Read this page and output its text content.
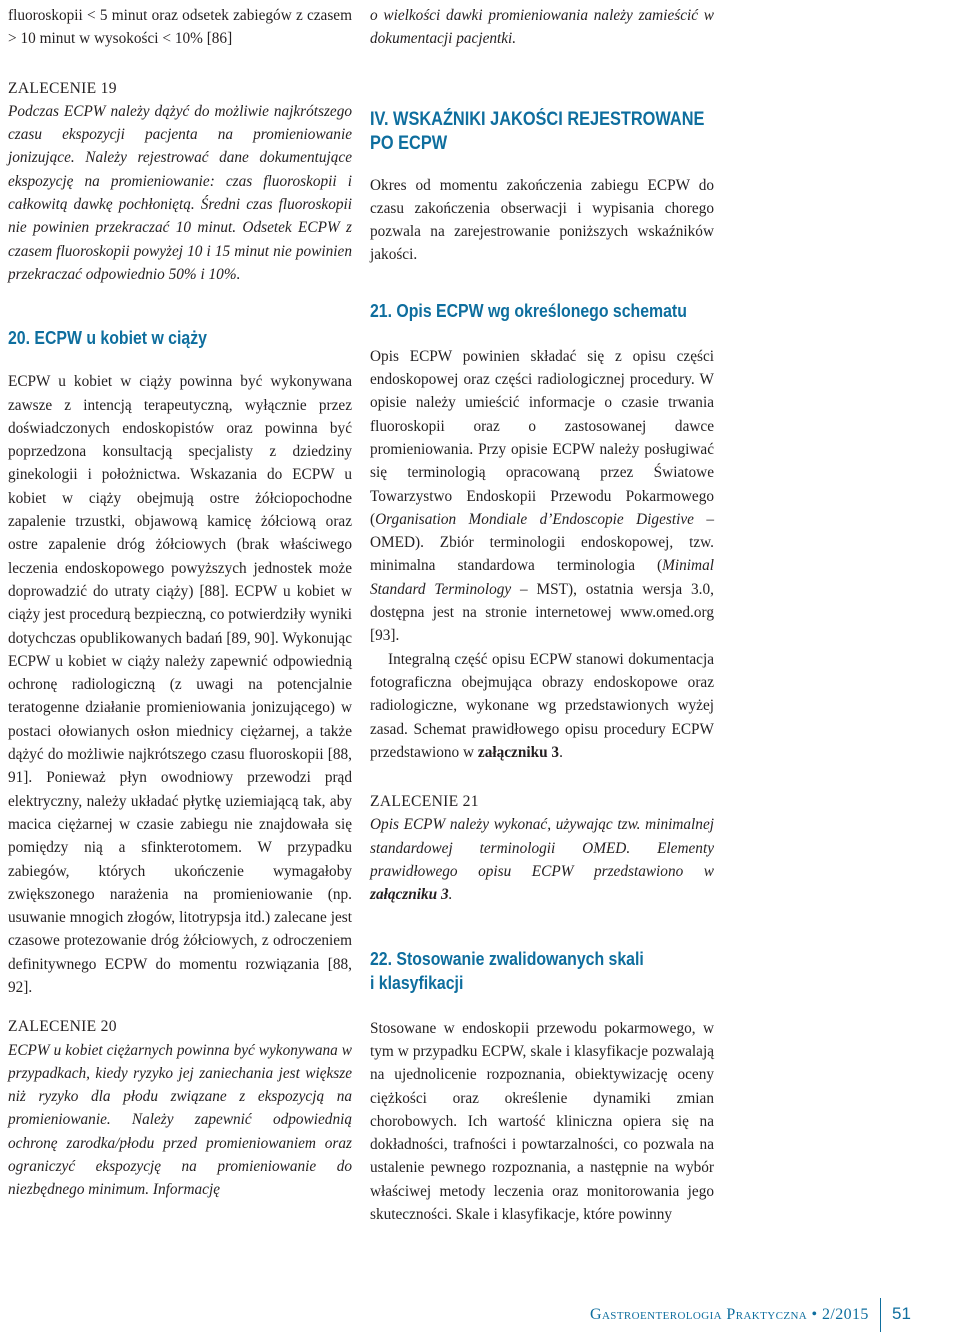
fluoroskopii < 5 minut oraz odsetek zabiegów z czasem > 10 minut w wysokości < 10% [86]

ZALECENIE 19

Podczas ECPW należy dążyć do możliwie najkrótszego czasu ekspozycji pacjenta na promieniowanie jonizujące. Należy rejestrować dane dokumentujące ekspozycję na promieniowanie: czas fluoroskopii i całkowitą dawkę pochłoniętą. Średni czas fluoroskopii nie powinien przekraczać 10 minut. Odsetek ECPW z czasem fluoroskopii powyżej 10 i 15 minut nie powinien przekraczać odpowiednio 50% i 10%.

20. ECPW u kobiet w ciąży

ECPW u kobiet w ciąży powinna być wykonywana zawsze z intencją terapeutyczną, wyłącznie przez doświadczonych endoskopistów oraz powinna być poprzedzona konsultacją specjalisty z dziedziny ginekologii i położnictwa. Wskazania do ECPW u kobiet w ciąży obejmują ostre żółciopochodne zapalenie trzustki, objawową kamicę żółciową oraz ostre zapalenie dróg żółciowych (brak właściwego leczenia endoskopowego powyższych jednostek może doprowadzić do utraty ciąży) [88]. ECPW u kobiet w ciąży jest procedurą bezpieczną, co potwierdziły wyniki dotychczas opublikowanych badań [89, 90]. Wykonując ECPW u kobiet w ciąży należy zapewnić odpowiednią ochronę radiologiczną (z uwagi na potencjalnie teratogenne działanie promieniowania jonizującego) w postaci ołowianych osłon miednicy ciężarnej, a także dążyć do możliwie najkrótszego czasu fluoroskopii [88, 91]. Ponieważ płyn owodniowy przewodzi prąd elektryczny, należy układać płytkę uziemiającą tak, aby macica ciężarnej w czasie zabiegu nie znajdowała się pomiędzy nią a sfinkterotomem. W przypadku zabiegów, których ukończenie wymagałoby zwiększonego narażenia na promieniowanie (np. usuwanie mnogich złogów, litotrypsja itd.) zalecane jest czasowe protezowanie dróg żółciowych, z odroczeniem definitywnego ECPW do momentu rozwiązania [88, 92].

ZALECENIE 20

ECPW u kobiet ciężarnych powinna być wykonywana w przypadkach, kiedy ryzyko jej zaniechania jest większe niż ryzyko dla płodu związane z ekspozycją na promieniowanie. Należy zapewnić odpowiednią ochronę zarodka/płodu przed promieniowaniem oraz ograniczyć ekspozycję na promieniowanie do niezbędnego minimum. Informację

o wielkości dawki promieniowania należy zamieścić w dokumentacji pacjentki.

IV. WSKAŹNIKI JAKOŚCI REJESTROWANE

PO ECPW

Okres od momentu zakończenia zabiegu ECPW do czasu zakończenia obserwacji i wypisania chorego pozwala na zarejestrowanie poniższych wskaźników jakości.

21. Opis ECPW wg określonego schematu

Opis ECPW powinien składać się z opisu części endoskopowej oraz części radiologicznej procedury. W opisie należy umieścić informacje o czasie trwania fluoroskopii oraz o zastosowanej dawce promieniowania. Przy opisie ECPW należy posługiwać się terminologią opracowaną przez Światowe Towarzystwo Endoskopii Przewodu Pokarmowego (Organisation Mondiale d’Endoscopie Digestive – OMED). Zbiór terminologii endoskopowej, tzw. minimalna standardowa terminologia (Minimal Standard Terminology – MST), ostatnia wersja 3.0, dostępna jest na stronie internetowej www.omed.org [93].

Integralną część opisu ECPW stanowi dokumentacja fotograficzna obejmująca obrazy endoskopowe oraz radiologiczne, wykonane wg przedstawionych wyżej zasad. Schemat prawidłowego opisu procedury ECPW przedstawiono w załączniku 3.

ZALECENIE 21

Opis ECPW należy wykonać, używając tzw. minimalnej standardowej terminologii OMED. Elementy prawidłowego opisu ECPW przedstawiono w załączniku 3.

22. Stosowanie zwalidowanych skali

i klasyfikacji

Stosowane w endoskopii przewodu pokarmowego, w tym w przypadku ECPW, skale i klasyfikacje pozwalają na ujednolicenie rozpoznania, obiektywizację oceny ciężkości oraz określenie dynamiki zmian chorobowych. Ich wartość kliniczna opiera się na dokładności, trafności i powtarzalności, co pozwala na ustalenie pewnego rozpoznania, a następnie na wybór właściwej metody leczenia oraz monitorowania jego skuteczności. Skale i klasyfikacje, które powinny

Gastroenterologia Praktyczna • 2/2015 51
